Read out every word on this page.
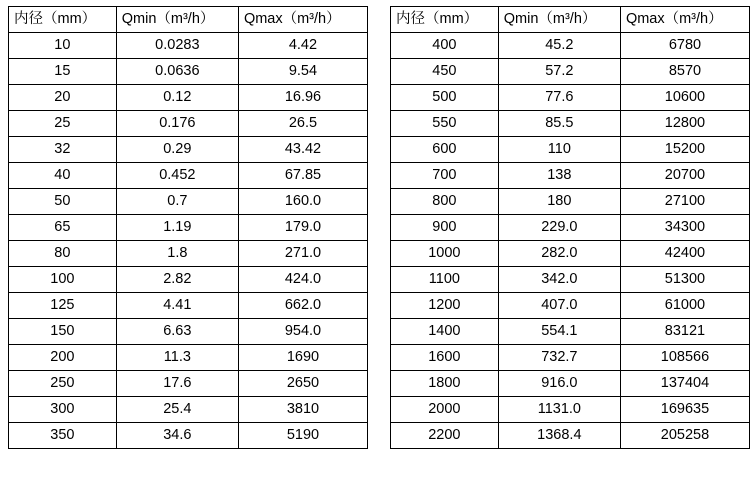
内径（mm）	Qmin（m³/h）	Qmax（m³/h）
10	0.0283	4.42
15	0.0636	9.54
20	0.12	16.96
25	0.176	26.5
32	0.29	43.42
40	0.452	67.85
50	0.7	160.0
65	1.19	179.0
80	1.8	271.0
100	2.82	424.0
125	4.41	662.0
150	6.63	954.0
200	11.3	1690
250	17.6	2650
300	25.4	3810
350	34.6	5190
内径（mm）	Qmin（m³/h）	Qmax（m³/h）
400	45.2	6780
450	57.2	8570
500	77.6	10600
550	85.5	12800
600	110	15200
700	138	20700
800	180	27100
900	229.0	34300
1000	282.0	42400
1100	342.0	51300
1200	407.0	61000
1400	554.1	83121
1600	732.7	108566
1800	916.0	137404
2000	1131.0	169635
2200	1368.4	205258
